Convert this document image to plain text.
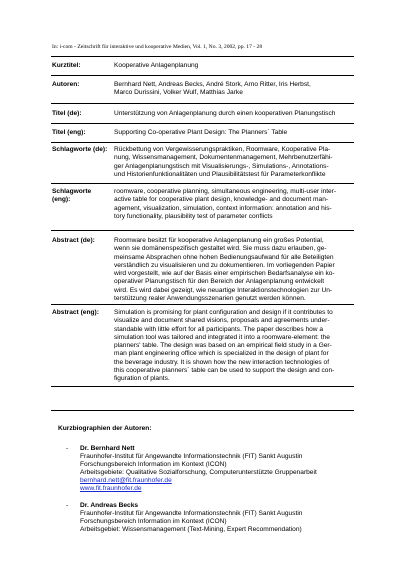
In: i-com - Zeitschrift für interaktive und kooperative Medien, Vol. 1, No. 3, 2002, pp. 17 - 28
Kurztitel:	Kooperative Anlagenplanung
Autoren:	Bernhard Nett, Andreas Becks, André Stork, Arno Ritter, Iris Herbst,
Marco Durissini, Volker Wulf, Matthias Jarke
Titel (de):	Unterstützung von Anlagenplanung durch einen kooperativen Planungstisch
Titel (eng):	Supporting Co-operative Plant Design: The Planners´ Table
Schlagworte (de): Rückbettung von Vergewisserungspraktiken, Roomware, Kooperative Pla-
nung, Wissensmanagement, Dokumentenmanagement, Mehrbenutzerfähi-
ger Anlagenplanungstisch mit Visualisierungs-, Simulations-, Annotations-
und Historienfunktionalitäten und Plausibilitätstest für Parameterkonflikte
Schlagworte (eng):
roomware, cooperative planning, simultaneous engineering, multi-user inter-
active table for cooperative plant design, knowledge- and document man-
agement, visualization, simulation, context information: annotation and his-
tory functionality, plausibility test of parameter conflicts
Abstract (de):	Roomware besitzt für kooperative Anlagenplanung ein großes Potential,
wenn sie domänenspezifisch gestaltet wird. Sie muss dazu erlauben, ge-
meinsame Absprachen ohne hohen Bedienungsaufwand für alle Beteiligten
verständlich zu visualisieren und zu dokumentieren. Im vorliegenden Papier
wird vorgestellt, wie auf der Basis einer empirischen Bedarfsanalyse ein ko-
operativer Planungstisch für den Bereich der Anlagenplanung entwickelt
wird. Es wird dabei gezeigt, wie neuartige Interaktionstechnologien zur Un-
terstützung realer Anwendungsszenarien genutzt werden können.
Abstract (eng):	Simulation is promising for plant configuration and design if it contributes to
visualize and document shared visions, proposals and agreements under-
standable with little effort for all participants. The paper describes how a
simulation tool was tailored and integrated it into a roomware-element: the
planners' table. The design was based on an empirical field study in a Ger-
man plant engineering office which is specialized in the design of plant for
the beverage industry. It is shown how the new interaction technologies of
this cooperative planners´ table can be used to support the design and con-
figuration of plants.
Kurzbiographien der Autoren:
- Dr. Bernhard Nett
Fraunhofer-Institut für Angewandte Informationstechnik (FIT) Sankt Augustin
Forschungsbereich Information im Kontext (ICON)
Arbeitsgebiete: Qualitative Sozialforschung, Computerunterstützte Gruppenarbeit
bernhard.nett@fit.fraunhofer.de
www.fit.fraunhofer.de
- Dr. Andreas Becks
Fraunhofer-Institut für Angewandte Informationstechnik (FIT) Sankt Augustin
Forschungsbereich Information im Kontext (ICON)
Arbeitsgebiet: Wissensmanagement (Text-Mining, Expert Recommendation)
